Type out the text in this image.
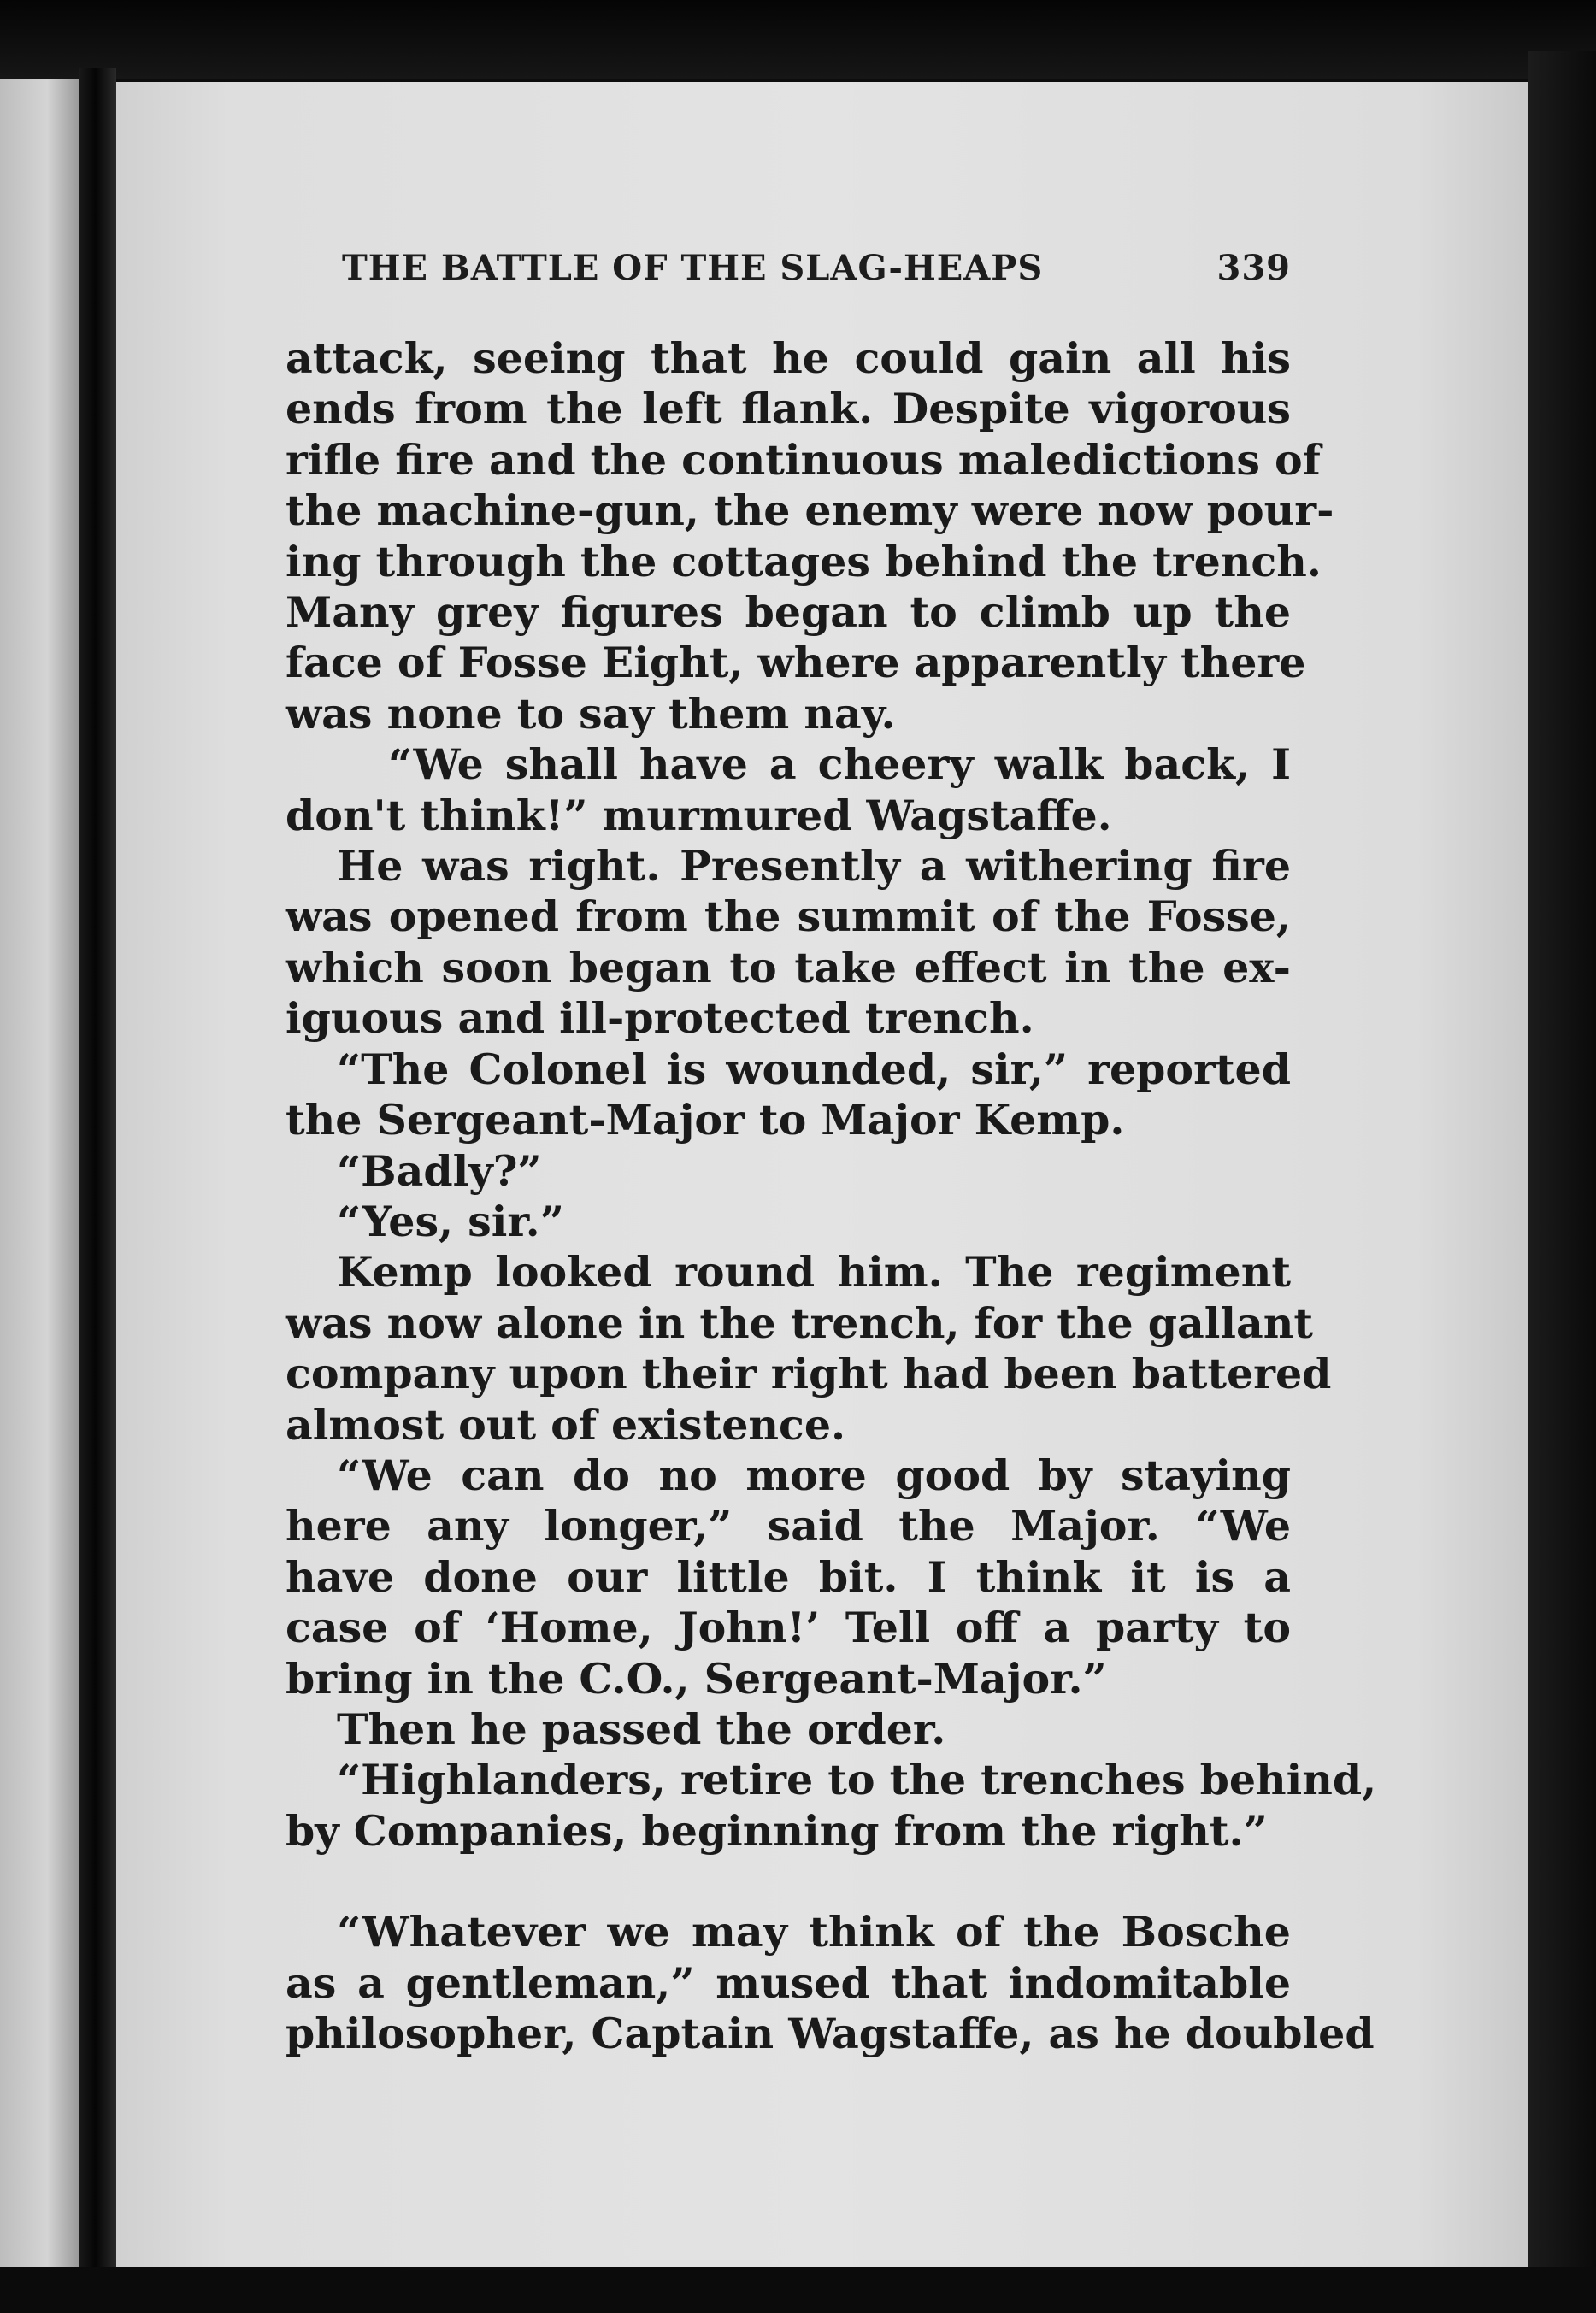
THE BATTLE OF THE SLAG-HEAPS	339

attack, seeing that he could gain all his
ends from the left flank. Despite vigorous
rifle fire and the continuous maledictions of
the machine-gun, the enemy were now pour-
ing through the cottages behind the trench.
Many grey figures began to climb up the
face of Fosse Eight, where apparently there
was none to say them nay.

“We shall have a cheery walk back, I
don't think!” murmured Wagstaffe.

He was right. Presently a withering fire
was opened from the summit of the Fosse,
which soon began to take effect in the ex-
iguous and ill-protected trench.

“The Colonel is wounded, sir,” reported
the Sergeant-Major to Major Kemp.

“Badly?”

“Yes, sir.”

Kemp looked round him. The regiment
was now alone in the trench, for the gallant
company upon their right had been battered
almost out of existence.

“We can do no more good by staying
here any longer,” said the Major. “We
have done our little bit. I think it is a
case of ‘Home, John!’ Tell off a party to
bring in the C.O., Sergeant-Major.”

Then he passed the order.

“Highlanders, retire to the trenches behind,
by Companies, beginning from the right.”

“Whatever we may think of the Bosche
as a gentleman,” mused that indomitable
philosopher, Captain Wagstaffe, as he doubled
